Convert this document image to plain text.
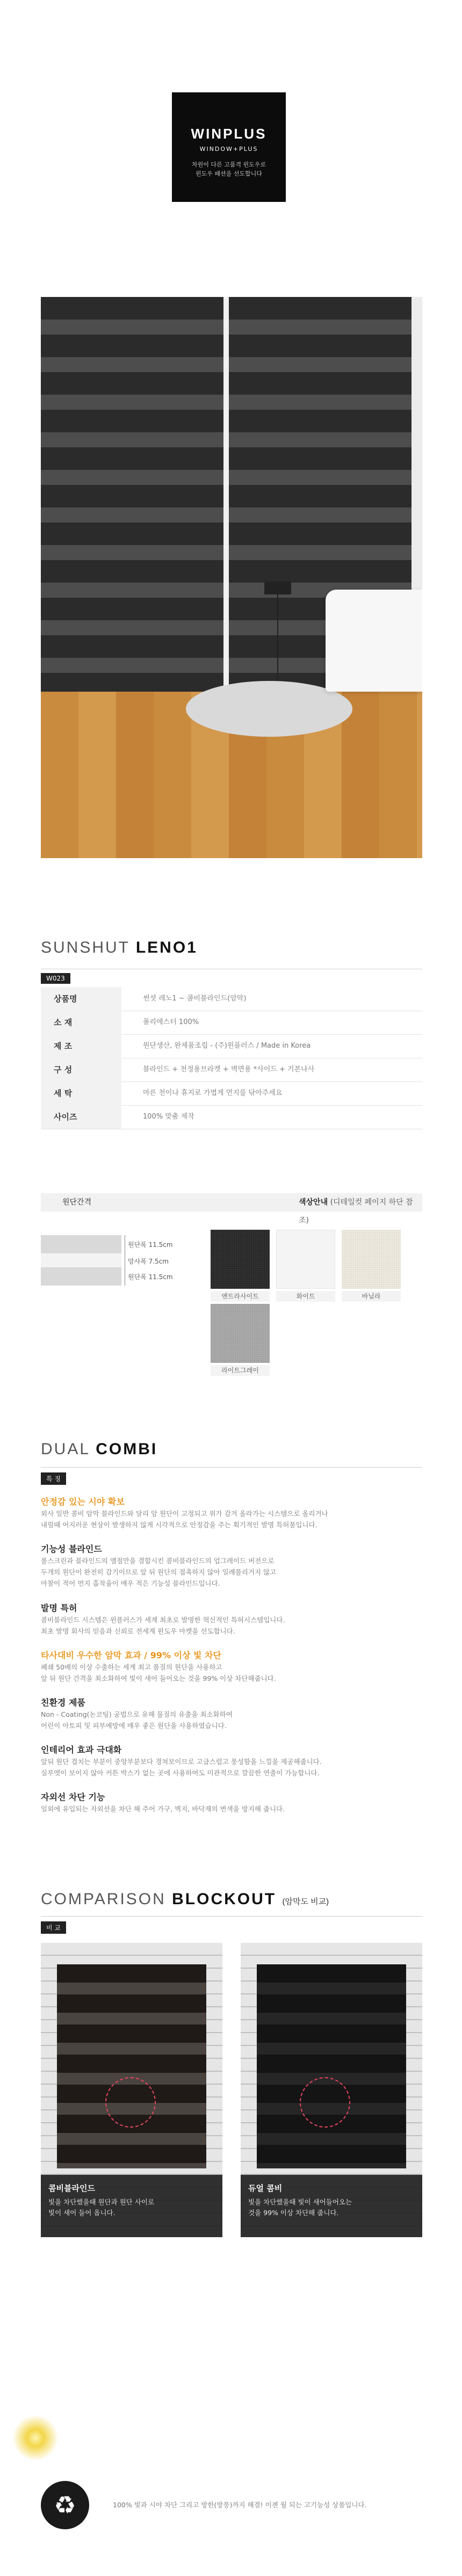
WINPLUS
WINDOW+PLUS
차원이 다른 고품격 윈도우로
윈도우 패션을 선도합니다
SUNSHUT LENO1
W023
상품명	썬셧 레노1 ~ 콤비블라인드(암막)
소 재	폴리에스터 100%
제 조	원단생산, 완제품조립 - (주)윈플러스 / Made in Korea
구 성	블라인드 + 천정용브라켓 + 벽면용 *사이드 + 기본나사
세 탁	마른 천이나 휴지로 가볍게 먼지를 닦아주세요
사이즈	100% 맞춤 제작
원단간격	색상안내 (디테일컷 페이지 하단 참조)
원단폭 11.5cm
망사폭 7.5cm
원단폭 11.5cm
앤트라사이트	화이트	바닐라
라이트그레이
DUAL COMBI
특 징
안정감 있는 시야 확보
외사 일반 콤비 암막 블라인드와 달리 암 원단이 고정되고 위가 감겨 올라가는 시스템으로 올리거나
내릴때 어지러운 현상이 발생하지 않게 시각적으로 안정감을 주는 획기적인 발명 특허품입니다.
기능성 블라인드
롤스크린과 블라인드의 앰점만을 결합시킨 콤비블라인드의 업그레이드 버전으로
두개의 원단이 완전히 감기이므로 앞 뒤 원단의 접촉하지 않아 일례풀리거지 않고
마찰이 적어 먼지 흡착율이 매우 적은 기능성 블라인드입니다.
발명 특허
콤비블라인드 시스템은 윈플러스가 세계 최초로 발명한 혁신적인 특허시스템입니다.
최초 발명 회사의 믿음과 신뢰로 전세계 윈도우 마켓을 선도합니다.
타사대비 우수한 암막 효과 / 99% 이상 빛 차단
폐쇄 50배의 이상 수출하는 세계 최고 품질의 원단을 사용하고
앞 뒤 원단 간격을 최소화하여 빛이 새어 들어오는 것을 99% 이상 차단해줍니다.
친환경 제품
Non - Coating(논코팅) 공법으로 유해 물질의 유출을 최소화하여
어린이 아토피 및 피부예방에 매우 좋은 원단을 사용하였습니다.
인테리어 효과 극대화
앞뒤 원단 겹치는 부분이 중앙부분보다 경쳐보이므로 고급스럽고 풍성함을 느낌을 제공해줍니다.
실루엣이 보이지 않아 커튼 박스가 없는 곳에 사용하여도 미관적으로 깔끔한 연출이 가능합니다.
자외선 차단 기능
일외에 유입되는 자외선을 차단 해 주어 가구, 벽지, 바닥재의 변색을 방지해 줍니다.
COMPARISON BLOCKOUT (암막도 비교)
비 교
콤비블라인드
빛을 차단했을때 원단과 원단 사이로
빛이 새어 들어 옵니다.
듀얼 콤비
빛을 차단했을때 빛이 새어들어오는
것을 99% 이상 차단해 줍니다.
♻	100% 빛과 시야 차단 그리고 방한(방풍)까지 해결! 이젠 월 되는 고기능성 상품입니다.
